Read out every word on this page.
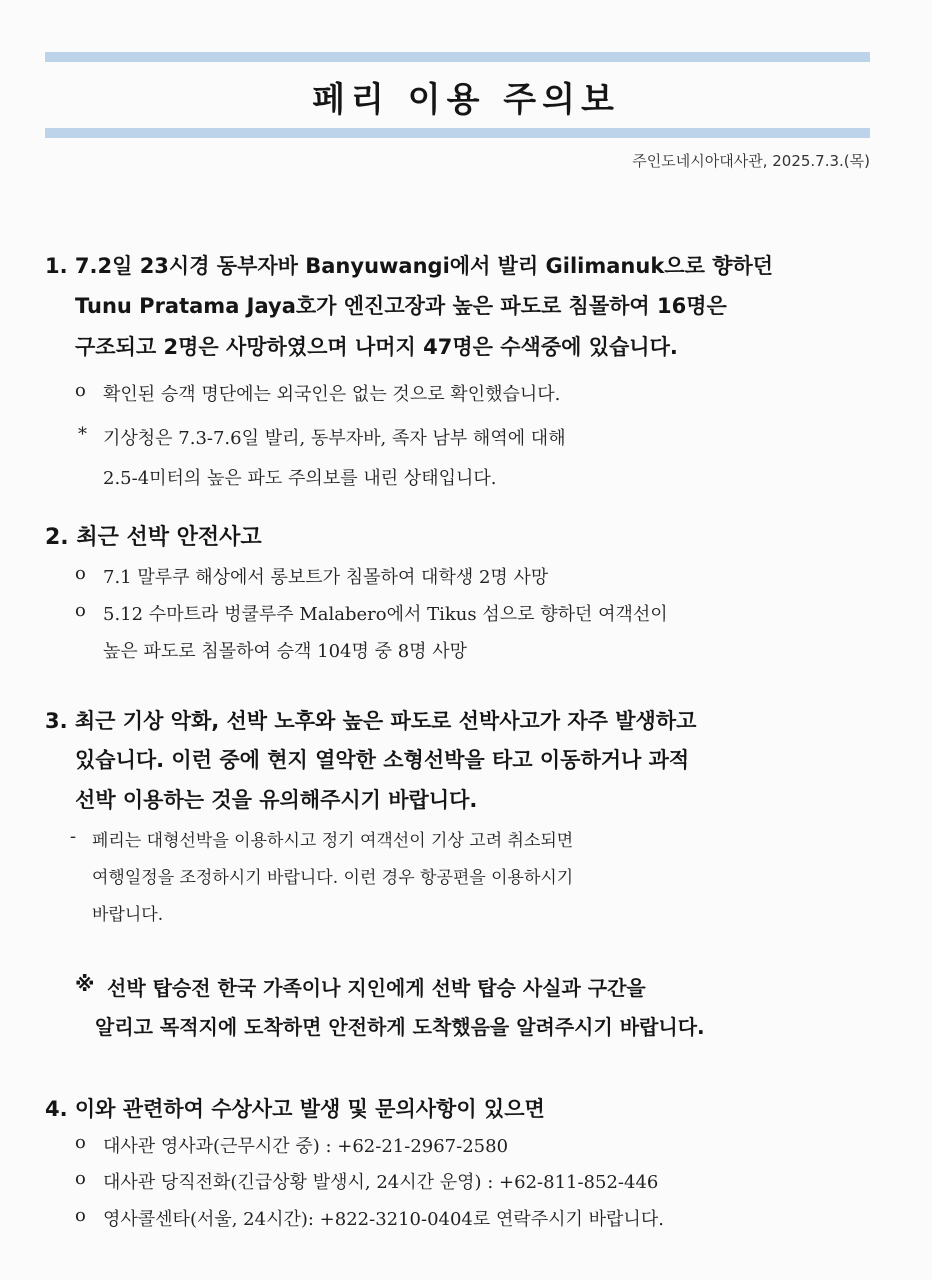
페리 이용 주의보
주인도네시아대사관, 2025.7.3.(목)
1. 7.2일 23시경 동부자바 Banyuwangi에서 발리 Gilimanuk으로 향하던
Tunu Pratama Jaya호가 엔진고장과 높은 파도로 침몰하여 16명은
구조되고 2명은 사망하였으며 나머지 47명은 수색중에 있습니다.
o 확인된 승객 명단에는 외국인은 없는 것으로 확인했습니다.
* 기상청은 7.3-7.6일 발리, 동부자바, 족자 남부 해역에 대해
2.5-4미터의 높은 파도 주의보를 내린 상태입니다.
2. 최근 선박 안전사고
o 7.1 말루쿠 해상에서 롱보트가 침몰하여 대학생 2명 사망
o 5.12 수마트라 벙쿨루주 Malabero에서 Tikus 섬으로 향하던 여객선이
높은 파도로 침몰하여 승객 104명 중 8명 사망
3. 최근 기상 악화, 선박 노후와 높은 파도로 선박사고가 자주 발생하고
있습니다. 이런 중에 현지 열악한 소형선박을 타고 이동하거나 과적
선박 이용하는 것을 유의해주시기 바랍니다.
- 페리는 대형선박을 이용하시고 정기 여객선이 기상 고려 취소되면
여행일정을 조정하시기 바랍니다. 이런 경우 항공편을 이용하시기
바랍니다.
※ 선박 탑승전 한국 가족이나 지인에게 선박 탑승 사실과 구간을
알리고 목적지에 도착하면 안전하게 도착했음을 알려주시기 바랍니다.
4. 이와 관련하여 수상사고 발생 및 문의사항이 있으면
o 대사관 영사과(근무시간 중) : +62-21-2967-2580
o 대사관 당직전화(긴급상황 발생시, 24시간 운영) : +62-811-852-446
o 영사콜센타(서울, 24시간): +822-3210-0404로 연락주시기 바랍니다.
